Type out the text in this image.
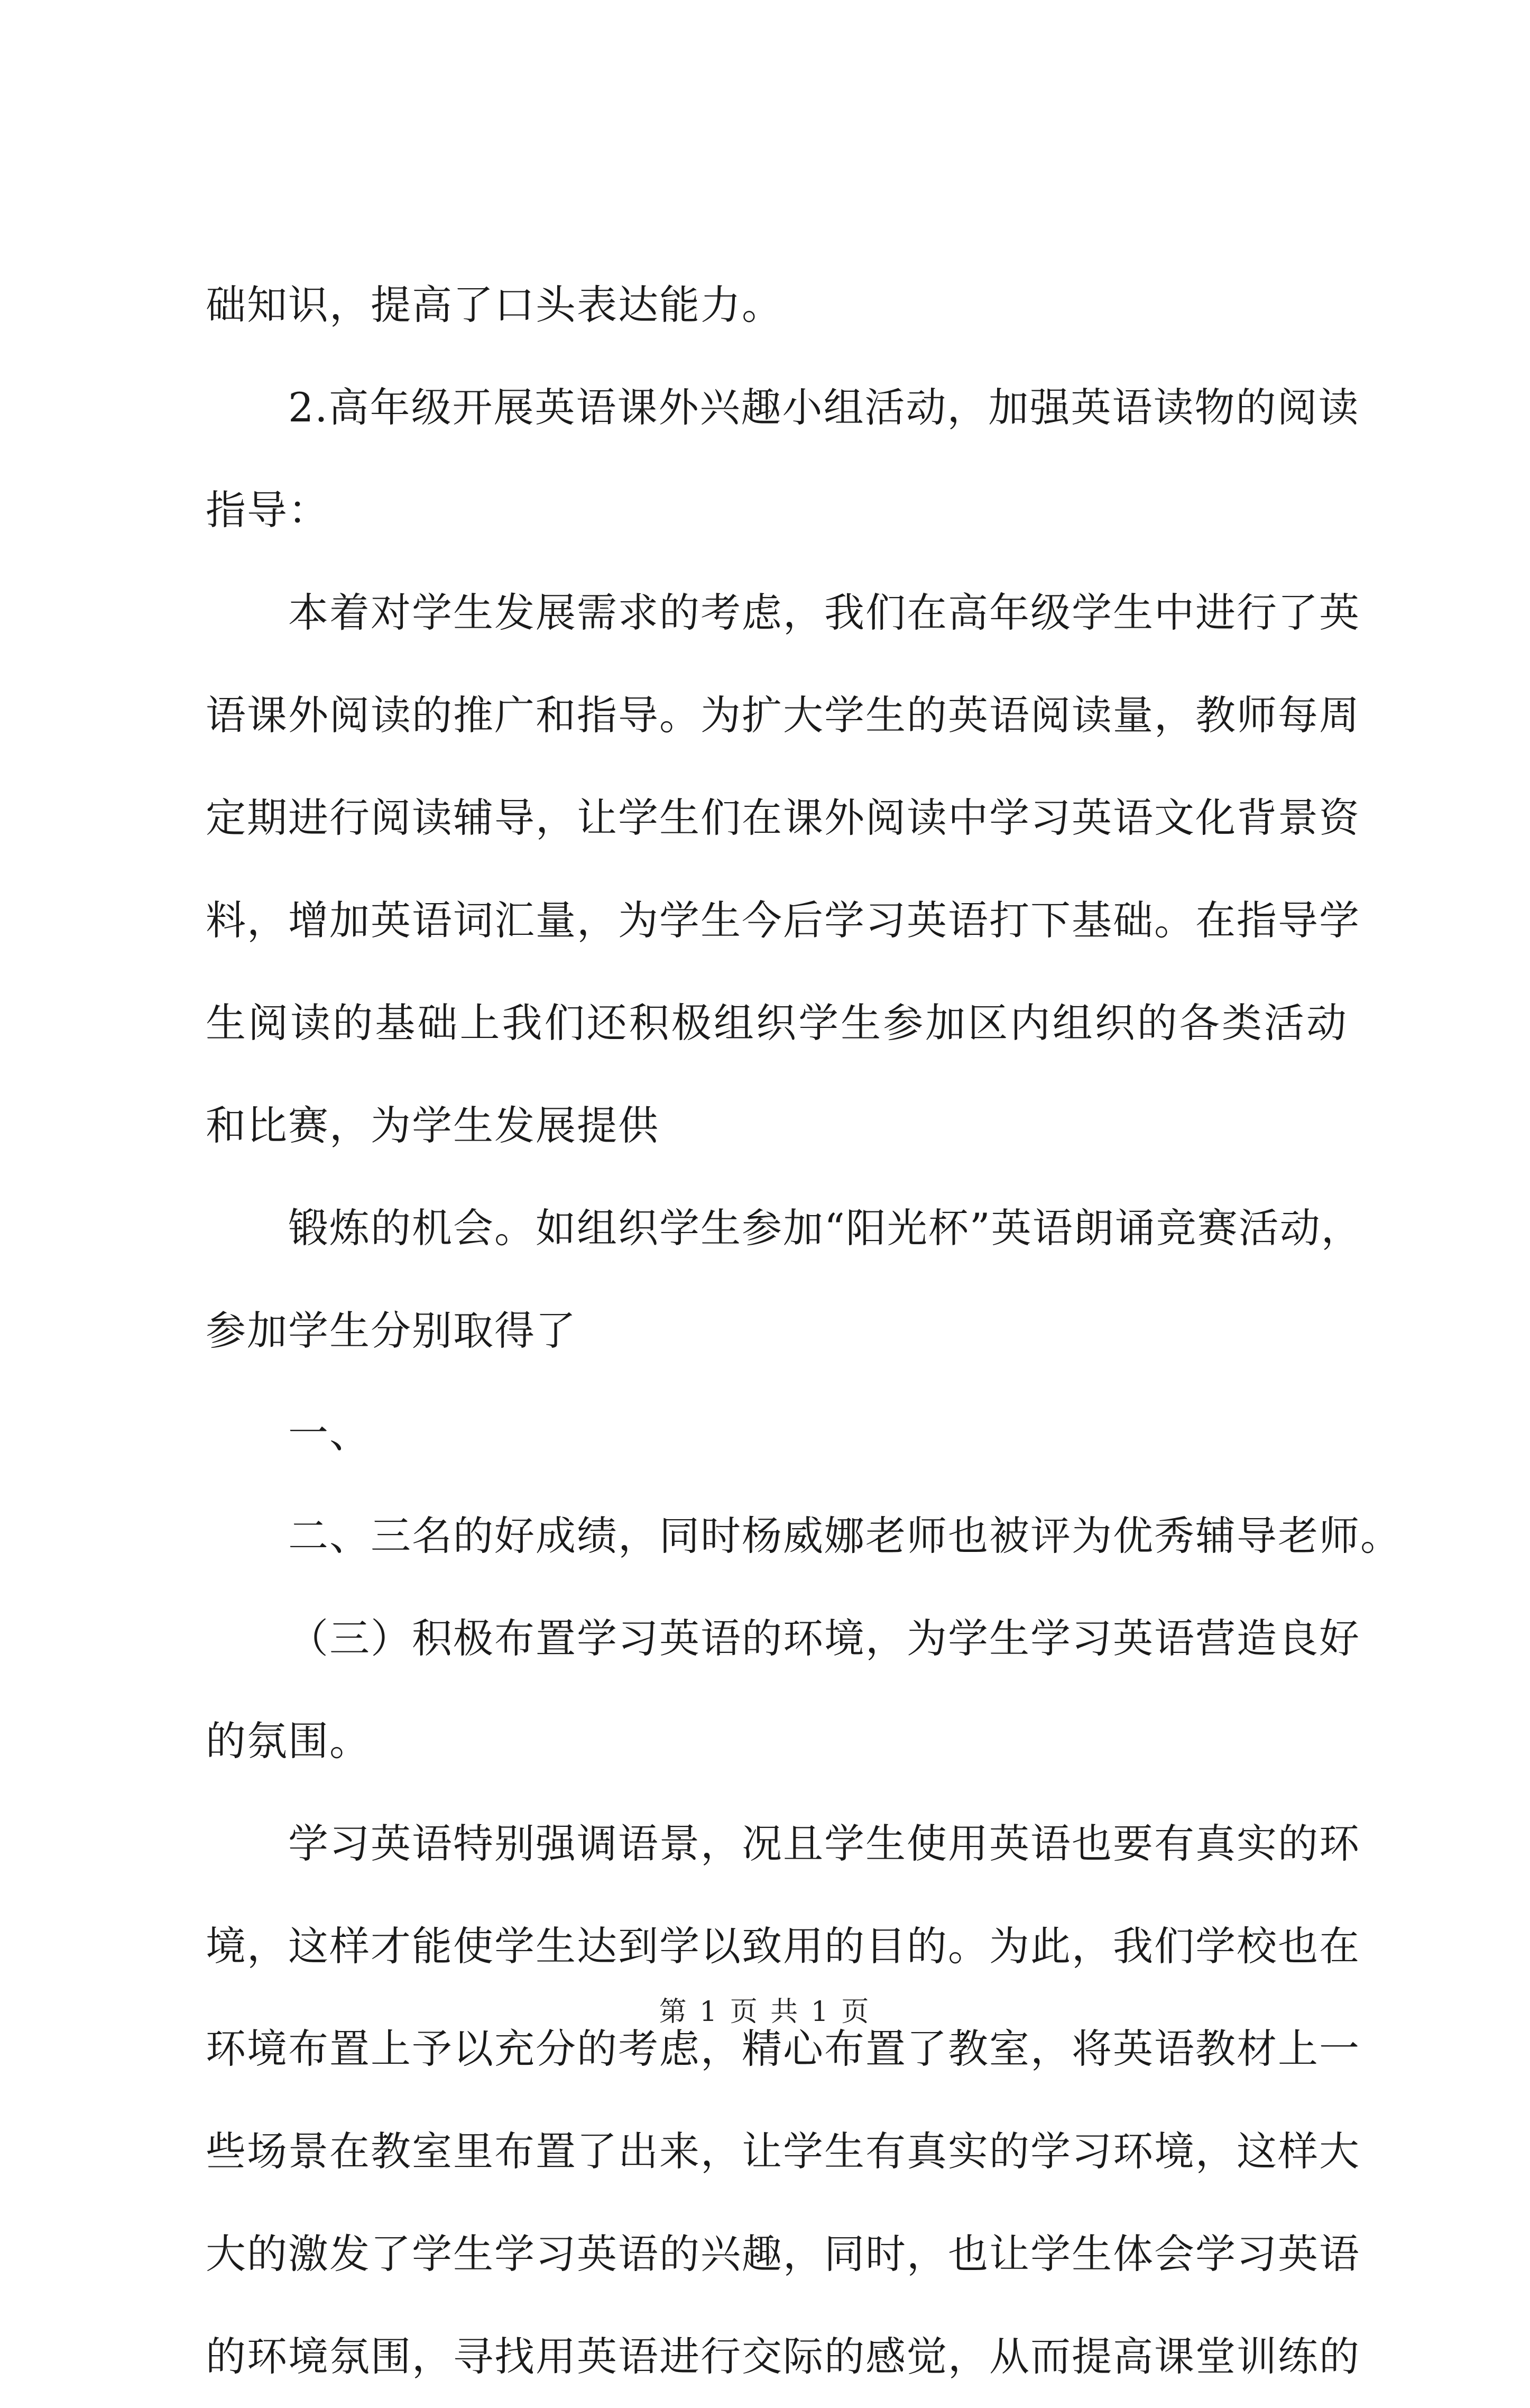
础知识，提高了口头表达能力。
2.高年级开展英语课外兴趣小组活动，加强英语读物的阅读
指导：
本着对学生发展需求的考虑，我们在高年级学生中进行了英
语课外阅读的推广和指导。为扩大学生的英语阅读量，教师每周
定期进行阅读辅导，让学生们在课外阅读中学习英语文化背景资
料，增加英语词汇量，为学生今后学习英语打下基础。在指导学
生阅读的基础上我们还积极组织学生参加区内组织的各类活动
和比赛，为学生发展提供
锻炼的机会。如组织学生参加“阳光杯”英语朗诵竞赛活动，
参加学生分别取得了
一、
二、三名的好成绩，同时杨威娜老师也被评为优秀辅导老师。
（三）积极布置学习英语的环境，为学生学习英语营造良好
的氛围。
学习英语特别强调语景，况且学生使用英语也要有真实的环
境，这样才能使学生达到学以致用的目的。为此，我们学校也在
环境布置上予以充分的考虑，精心布置了教室，将英语教材上一
些场景在教室里布置了出来，让学生有真实的学习环境，这样大
大的激发了学生学习英语的兴趣，同时，也让学生体会学习英语
的环境氛围，寻找用英语进行交际的感觉，从而提高课堂训练的
第 1 页 共 1 页
